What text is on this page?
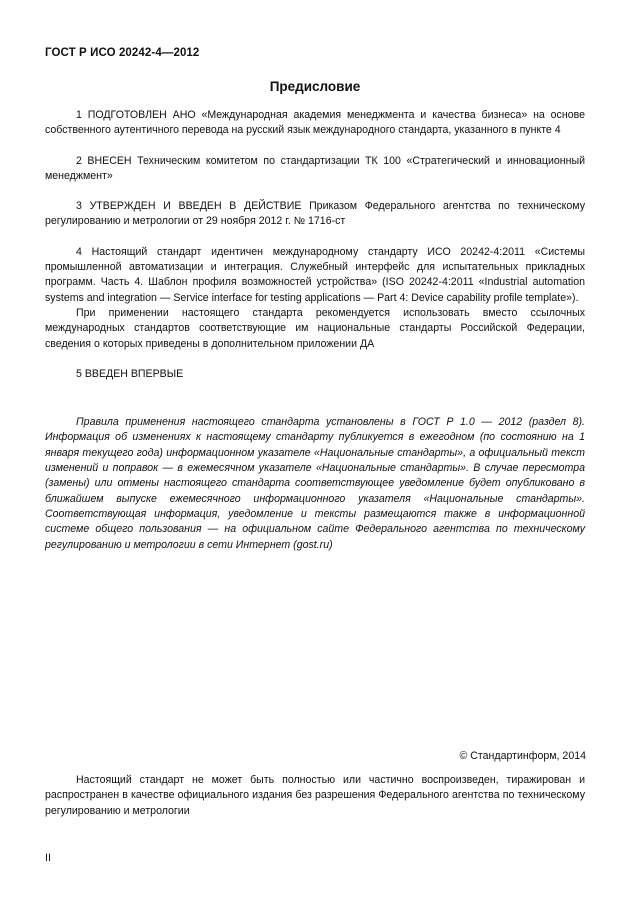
ГОСТ Р ИСО 20242-4—2012
Предисловие

1 ПОДГОТОВЛЕН АНО «Международная академия менеджмента и качества бизнеса» на основе собственного аутентичного перевода на русский язык международного стандарта, указанного в пункте 4

2 ВНЕСЕН Техническим комитетом по стандартизации ТК 100 «Стратегический и инновационный менеджмент»

3 УТВЕРЖДЕН И ВВЕДЕН В ДЕЙСТВИЕ Приказом Федерального агентства по техническому регулированию и метрологии от 29 ноября 2012 г. № 1716-ст

4 Настоящий стандарт идентичен международному стандарту ИСО 20242-4:2011 «Системы промышленной автоматизации и интеграция. Служебный интерфейс для испытательных прикладных программ. Часть 4. Шаблон профиля возможностей устройства» (ISO 20242-4:2011 «Industrial automation systems and integration — Service interface for testing applications — Part 4: Device capability profile template»).

При применении настоящего стандарта рекомендуется использовать вместо ссылочных международных стандартов соответствующие им национальные стандарты Российской Федерации, сведения о которых приведены в дополнительном приложении ДА

5 ВВЕДЕН ВПЕРВЫЕ

Правила применения настоящего стандарта установлены в ГОСТ Р 1.0 — 2012 (раздел 8). Информация об изменениях к настоящему стандарту публикуется в ежегодном (по состоянию на 1 января текущего года) информационном указателе «Национальные стандарты», а официальный текст изменений и поправок — в ежемесячном указателе «Национальные стандарты». В случае пересмотра (замены) или отмены настоящего стандарта соответствующее уведомление будет опубликовано в ближайшем выпуске ежемесячного информационного указателя «Национальные стандарты». Соответствующая информация, уведомление и тексты размещаются также в информационной системе общего пользования — на официальном сайте Федерального агентства по техническому регулированию и метрологии в сети Интернет (gost.ru)

© Стандартинформ, 2014

Настоящий стандарт не может быть полностью или частично воспроизведен, тиражирован и распространен в качестве официального издания без разрешения Федерального агентства по техническому регулированию и метрологии

II
